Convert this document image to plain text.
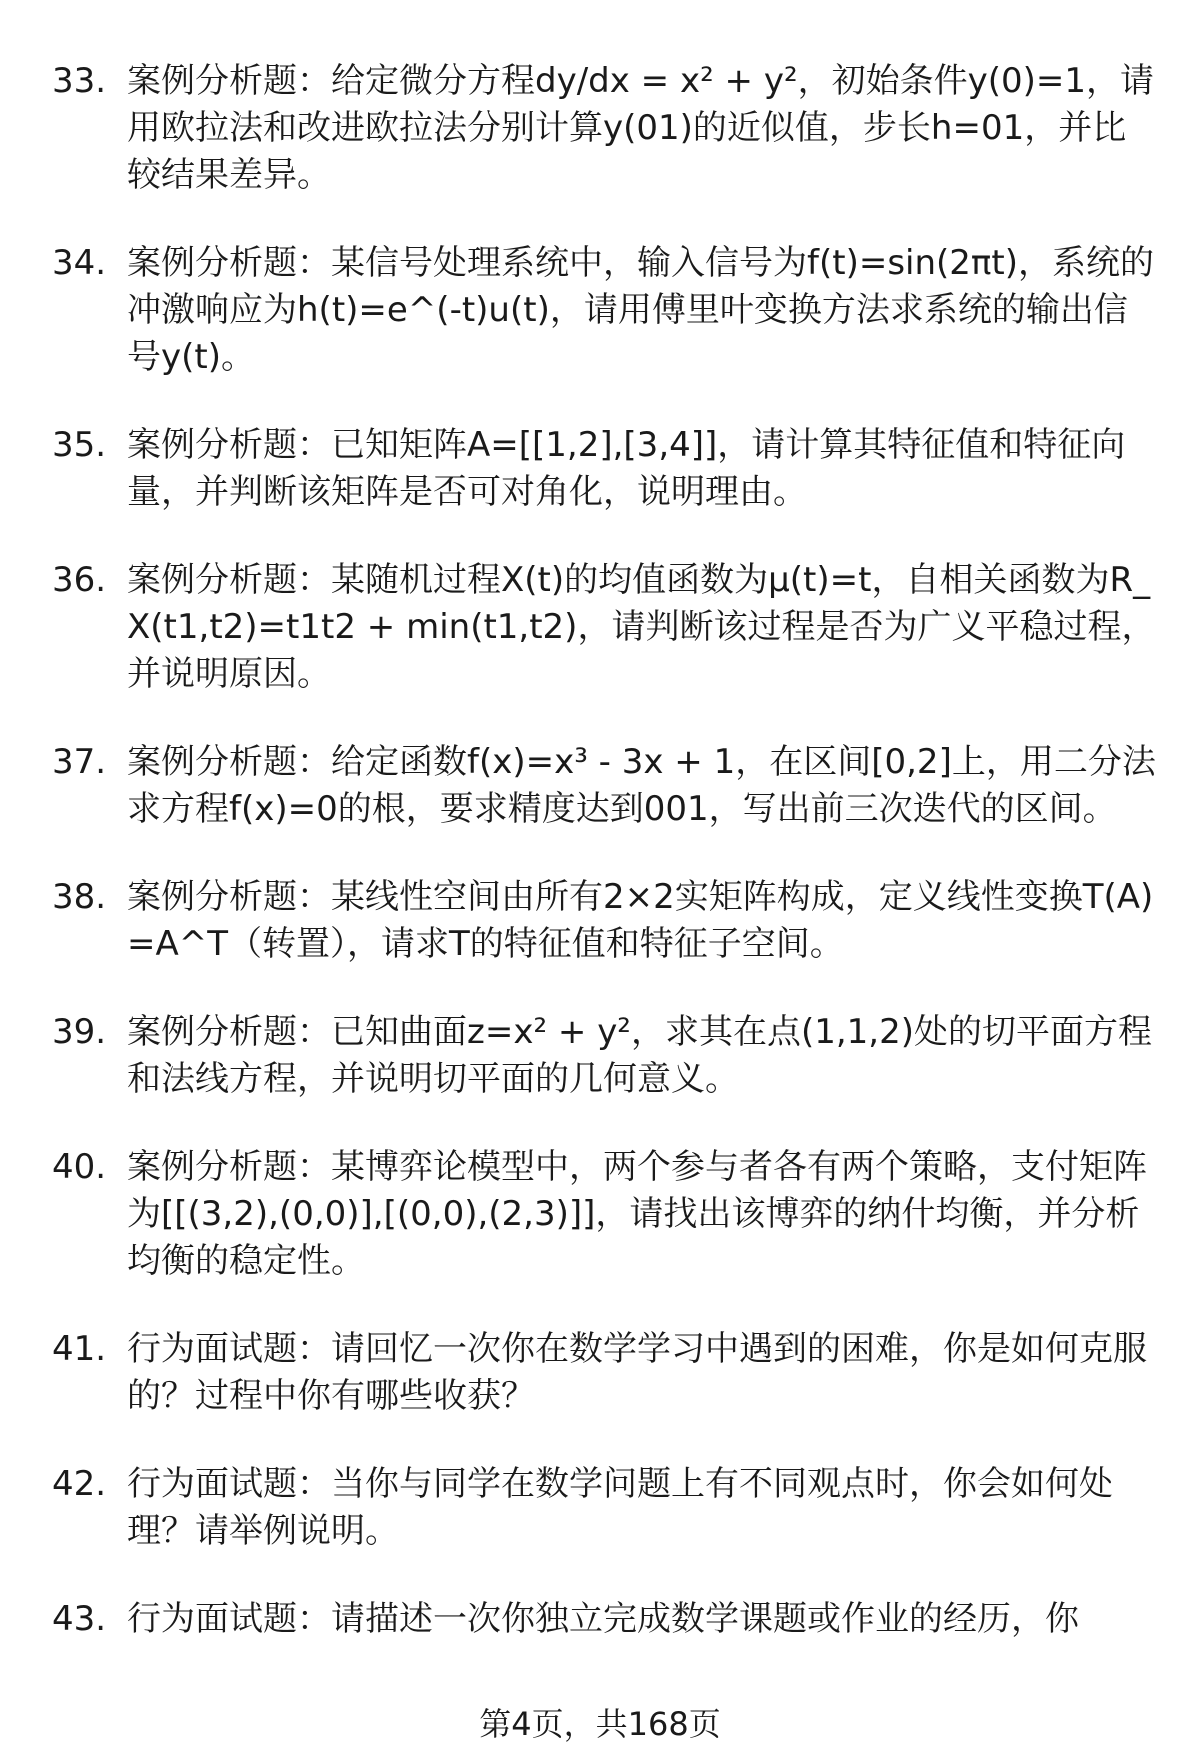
33. 案例分析题：给定微分方程dy/dx = x² + y²，初始条件y(0)=1，请用欧拉法和改进欧拉法分别计算y(01)的近似值，步长h=01，并比较结果差异。
34. 案例分析题：某信号处理系统中，输入信号为f(t)=sin(2πt)，系统的冲激响应为h(t)=e^(-t)u(t)，请用傅里叶变换方法求系统的输出信号y(t)。
35. 案例分析题：已知矩阵A=[[1,2],[3,4]]，请计算其特征值和特征向量，并判断该矩阵是否可对角化，说明理由。
36. 案例分析题：某随机过程X(t)的均值函数为μ(t)=t，自相关函数为R_X(t1,t2)=t1t2 + min(t1,t2)，请判断该过程是否为广义平稳过程，并说明原因。
37. 案例分析题：给定函数f(x)=x³ - 3x + 1，在区间[0,2]上，用二分法求方程f(x)=0的根，要求精度达到001，写出前三次迭代的区间。
38. 案例分析题：某线性空间由所有2×2实矩阵构成，定义线性变换T(A)=A^T（转置），请求T的特征值和特征子空间。
39. 案例分析题：已知曲面z=x² + y²，求其在点(1,1,2)处的切平面方程和法线方程，并说明切平面的几何意义。
40. 案例分析题：某博弈论模型中，两个参与者各有两个策略，支付矩阵为[[(3,2),(0,0)],[(0,0),(2,3)]]，请找出该博弈的纳什均衡，并分析均衡的稳定性。
41. 行为面试题：请回忆一次你在数学学习中遇到的困难，你是如何克服的？过程中你有哪些收获？
42. 行为面试题：当你与同学在数学问题上有不同观点时，你会如何处理？请举例说明。
43. 行为面试题：请描述一次你独立完成数学课题或作业的经历，你
第4页，共168页
